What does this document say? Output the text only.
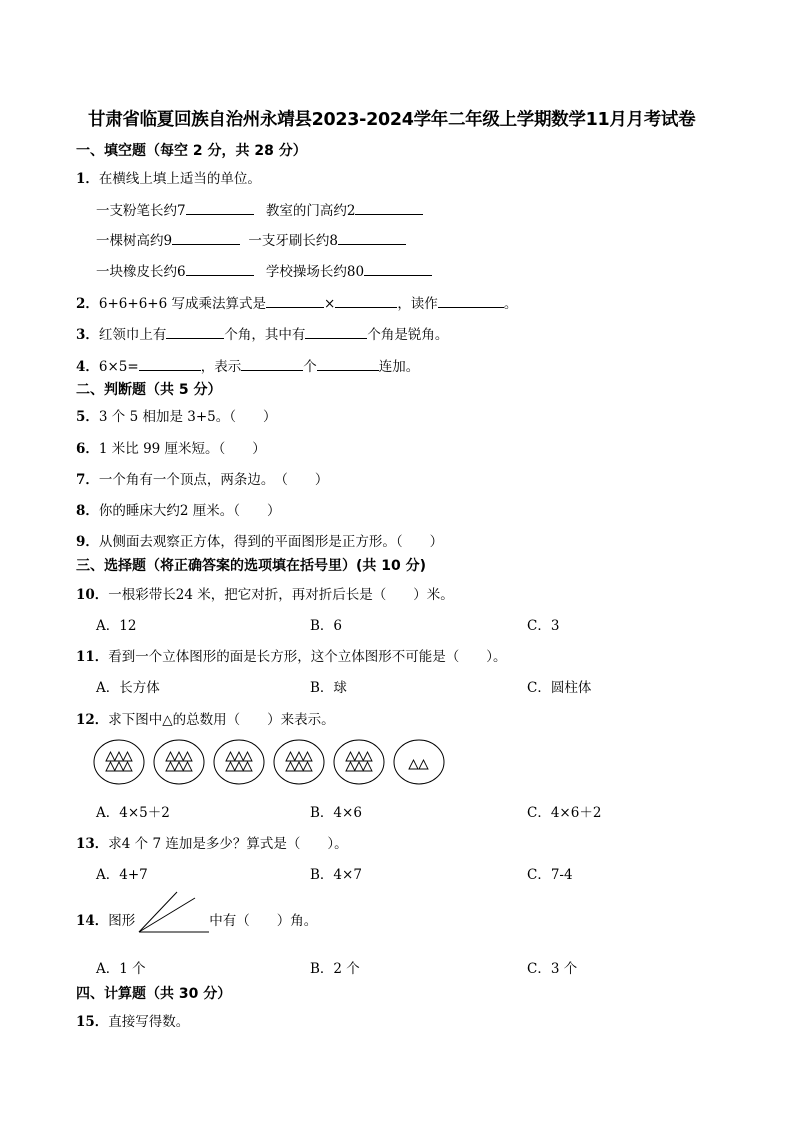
甘肃省临夏回族自治州永靖县2023-2024学年二年级上学期数学11月月考试卷
一、填空题（每空 2 分，共 28 分）
1．在横线上填上适当的单位。
一支粉笔长约7	教室的门高约2
一棵树高约9	一支牙刷长约8
一块橡皮长约6	学校操场长约80
2．6+6+6+6 写成乘法算式是	×	，读作	。
3．红领巾上有	个角，其中有	个角是锐角。
4．6×5=	，表示	个	连加。
二、判断题（共 5 分）
5．3 个 5 相加是 3+5。（　　）
6．1 米比 99 厘米短。（　　）
7．一个角有一个顶点，两条边。　（　　）
8．你的睡床大约2 厘米。（　　）
9．从侧面去观察正方体，得到的平面图形是正方形。（　　）
三、选择题（将正确答案的选项填在括号里）(共 10 分)
10．一根彩带长24 米，把它对折，再对折后长是（　　）米。
A．12	B．6	C．3
11．看到一个立体图形的面是长方形，这个立体图形不可能是（　　）。
A．长方体	B．球	C．圆柱体
12．求下图中△的总数用（　　）来表示。
A．4×5＋2	B．4×6	C．4×6＋2
13．求4 个 7 连加是多少？算式是（　　）。
A．4+7	B．4×7	C．7-4
14．图形	中有（　　）角。
A．1 个	B．2 个	C．3 个
四、计算题（共 30 分）
15．直接写得数。
